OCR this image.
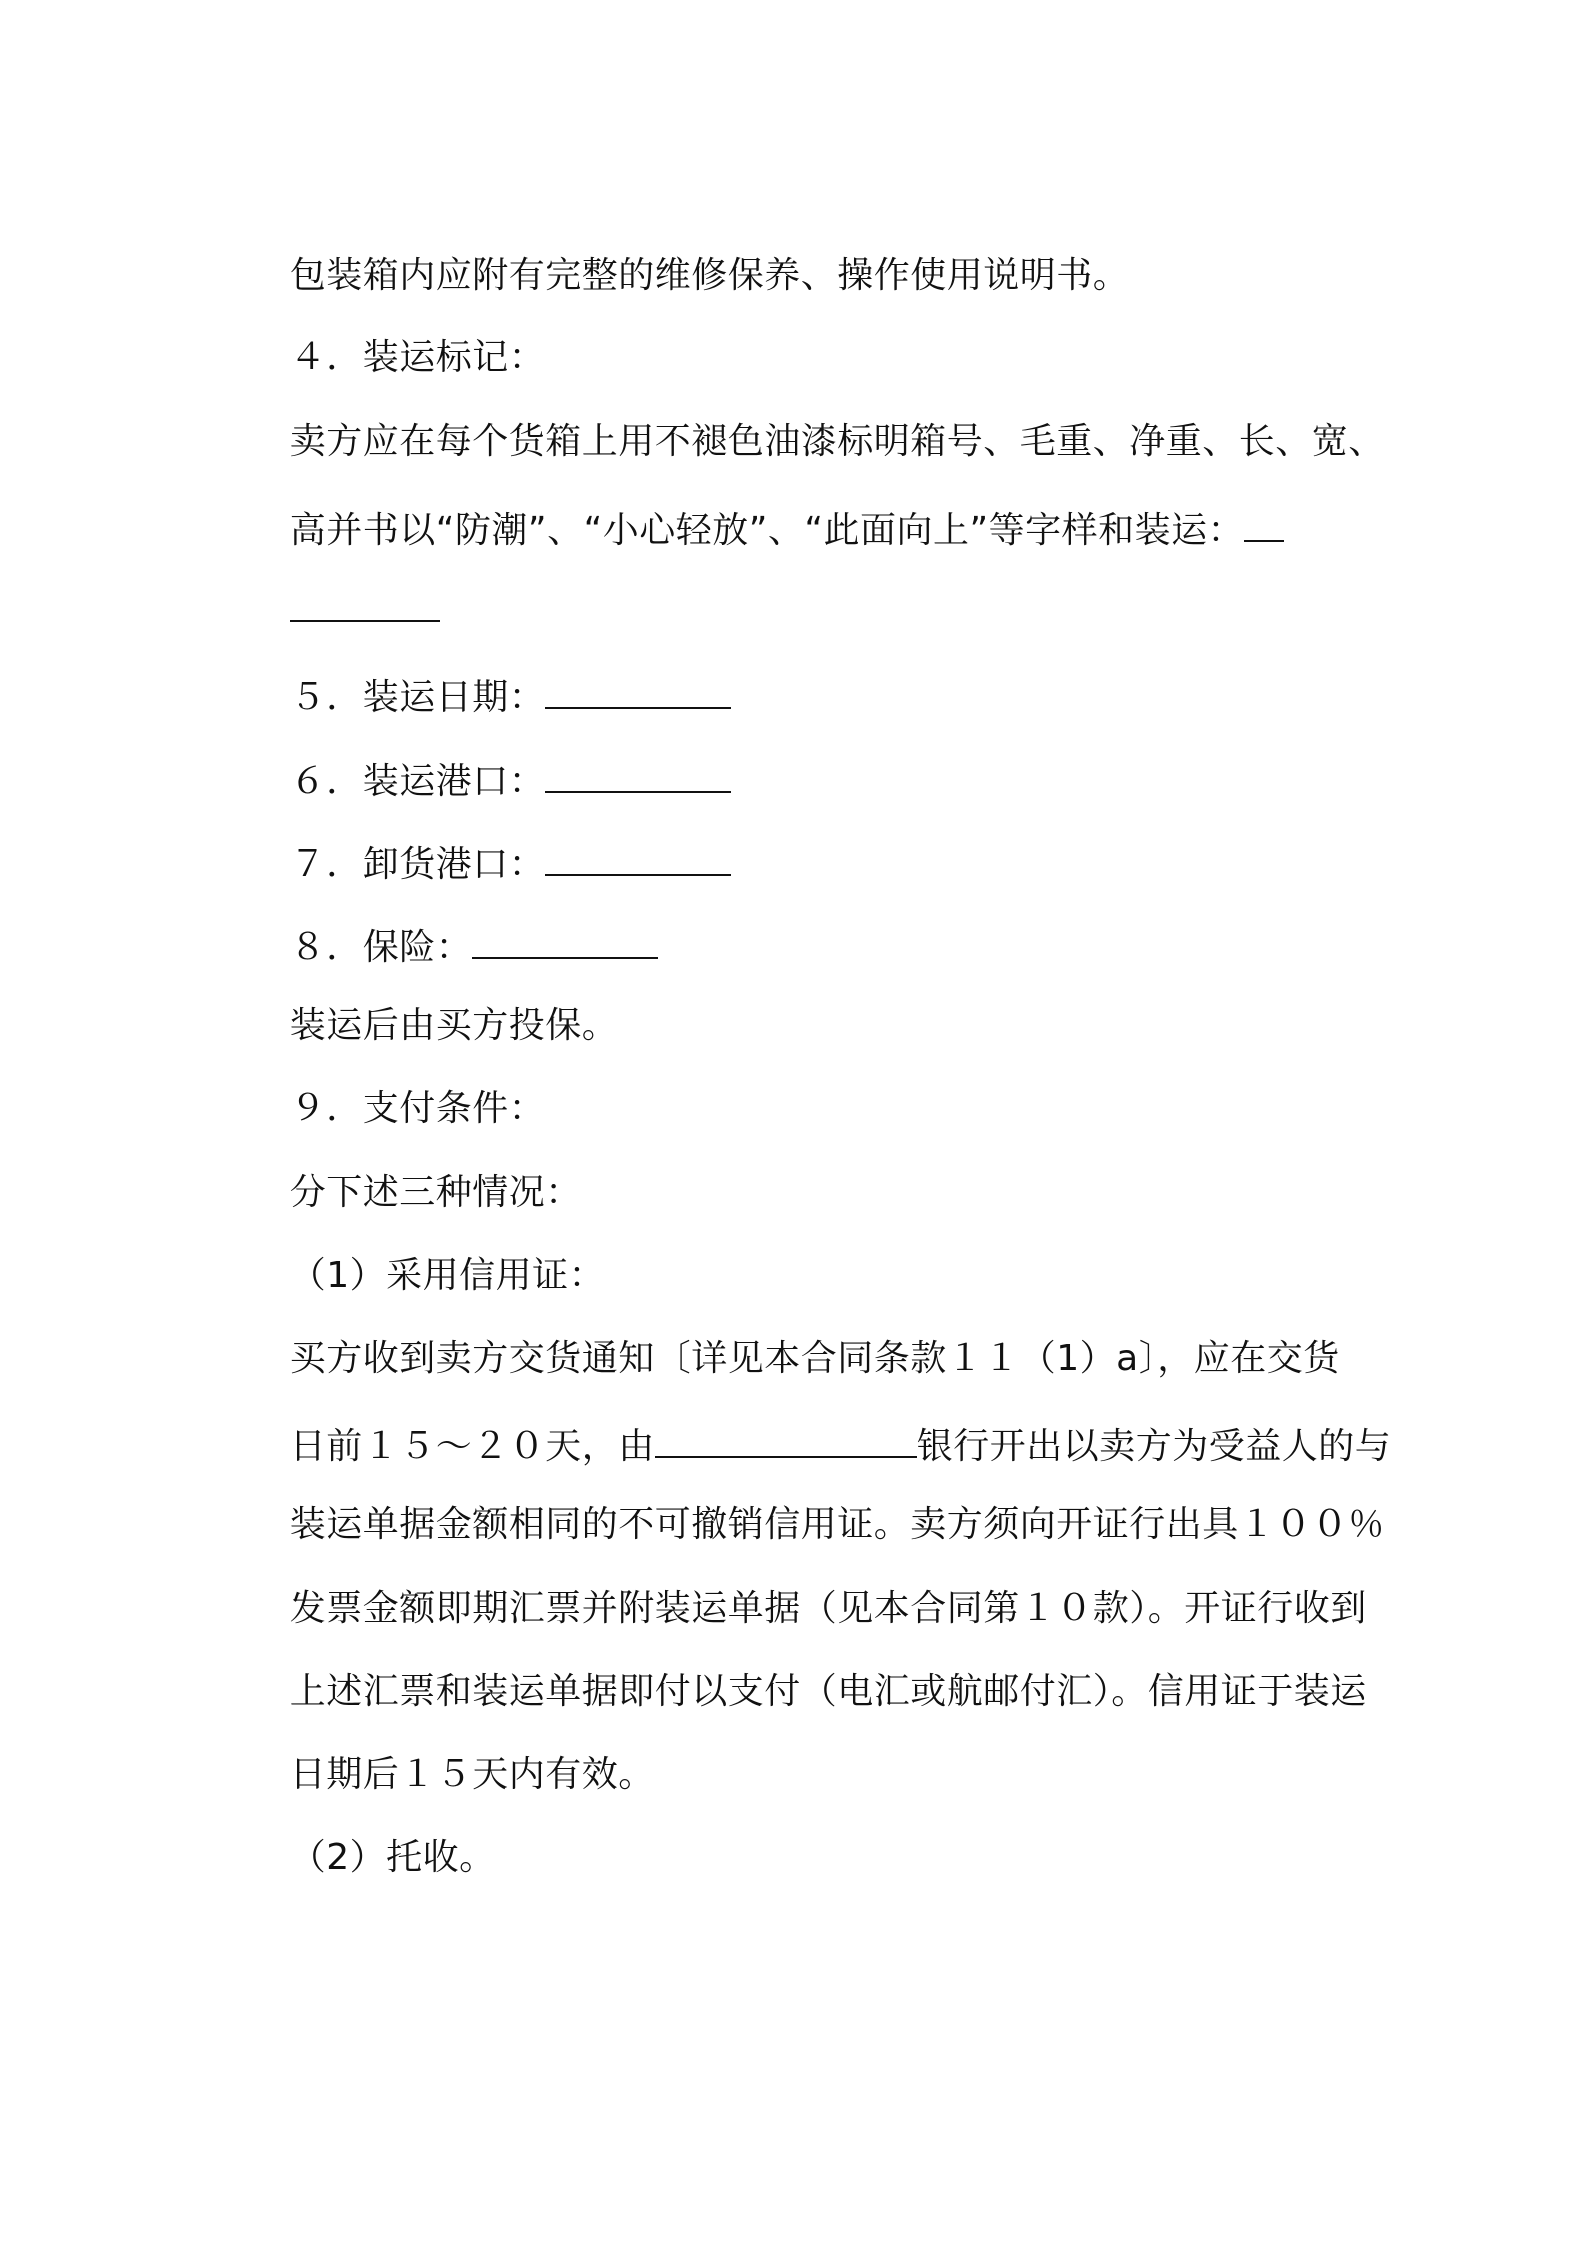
包装箱内应附有完整的维修保养、操作使用说明书。

４．装运标记：

卖方应在每个货箱上用不褪色油漆标明箱号、毛重、净重、长、宽、

高并书以“防潮”、“小心轻放”、“此面向上”等字样和装运：

５．装运日期：

６．装运港口：

７．卸货港口：

８．保险：

装运后由买方投保。

９．支付条件：

分下述三种情况：

（1）采用信用证：

买方收到卖方交货通知〔详见本合同条款１１（1）a〕，应在交货

日前１５～２０天，由	银行开出以卖方为受益人的与

装运单据金额相同的不可撤销信用证。卖方须向开证行出具１００％

发票金额即期汇票并附装运单据（见本合同第１０款）。开证行收到

上述汇票和装运单据即付以支付（电汇或航邮付汇）。信用证于装运

日期后１５天内有效。

（2）托收。
